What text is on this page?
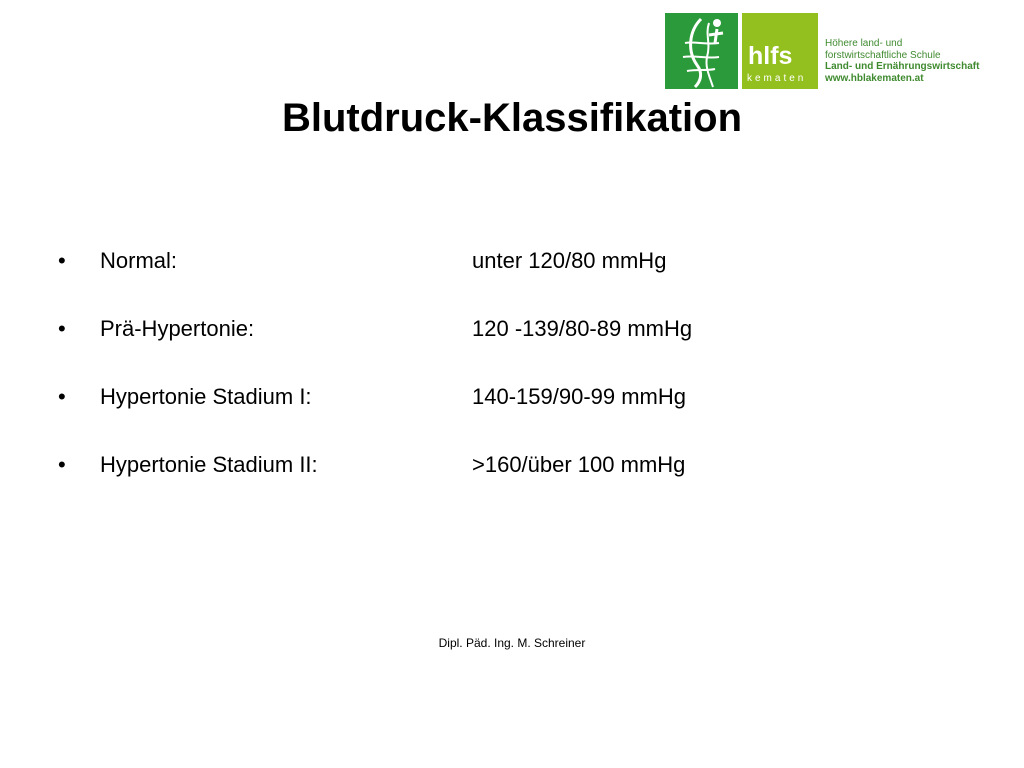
hlfs
kematen
Höhere land- und
forstwirtschaftliche Schule
Land- und Ernährungswirtschaft
www.hblakematen.at
Blutdruck-Klassifikation
• Normal:	unter 120/80 mmHg
• Prä-Hypertonie:	120 -139/80-89 mmHg
• Hypertonie Stadium I:	140-159/90-99 mmHg
• Hypertonie Stadium II:	>160/über 100 mmHg
Dipl. Päd. Ing. M. Schreiner
